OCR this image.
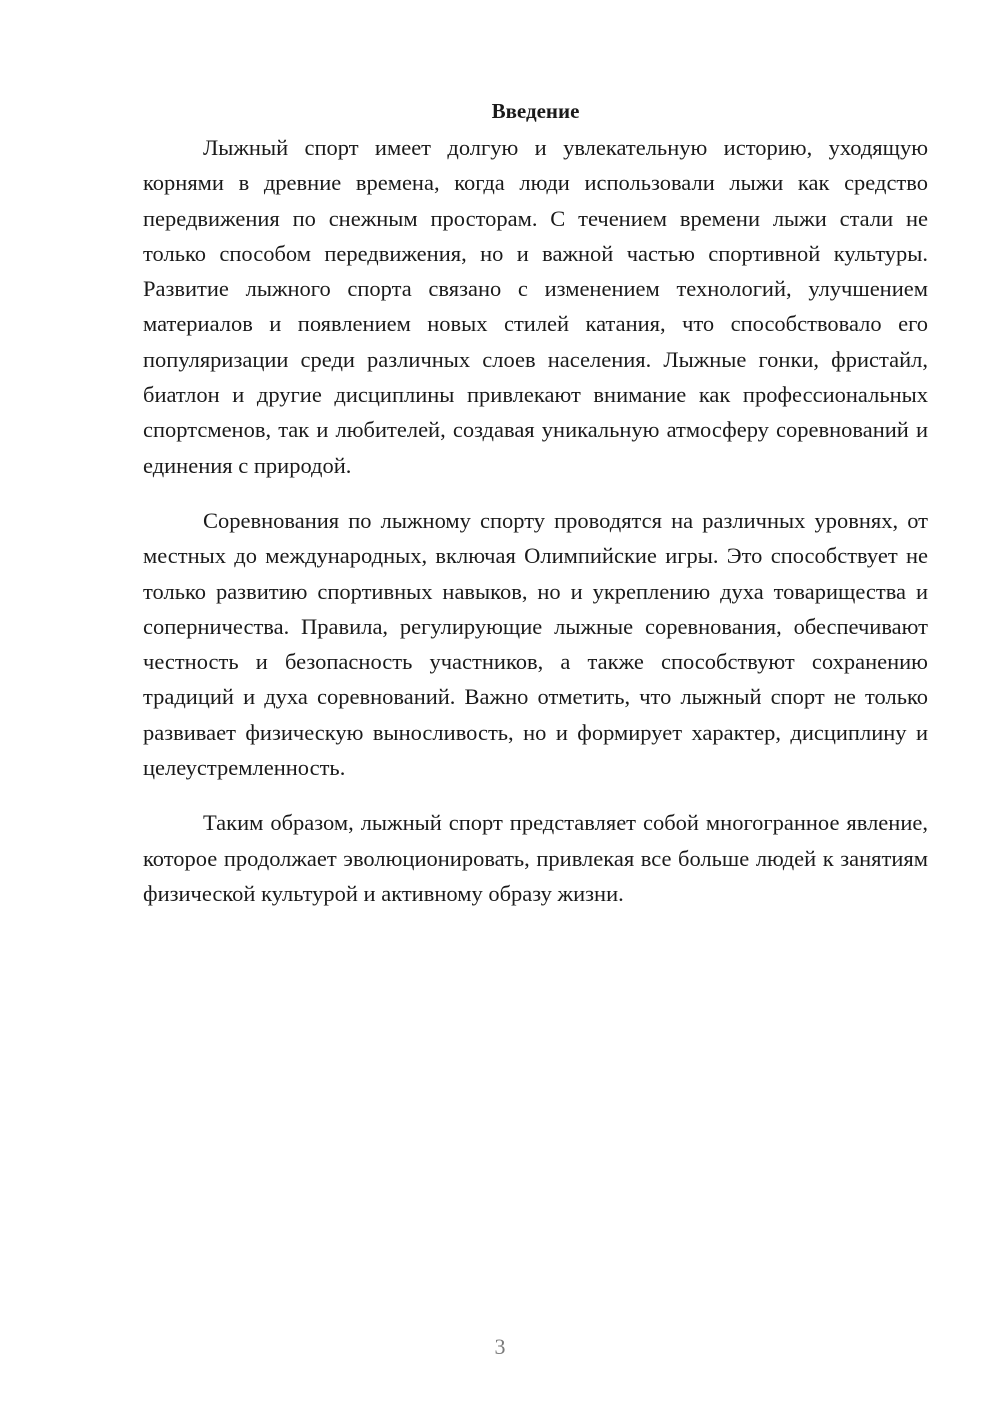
Введение

Лыжный спорт имеет долгую и увлекательную историю, уходящую корнями в древние времена, когда люди использовали лыжи как средство передвижения по снежным просторам. С течением времени лыжи стали не только способом передвижения, но и важной частью спортивной культуры. Развитие лыжного спорта связано с изменением технологий, улучшением материалов и появлением новых стилей катания, что способствовало его популяризации среди различных слоев населения. Лыжные гонки, фристайл, биатлон и другие дисциплины привлекают внимание как профессиональных спортсменов, так и любителей, создавая уникальную атмосферу соревнований и единения с природой.

Соревнования по лыжному спорту проводятся на различных уровнях, от местных до международных, включая Олимпийские игры. Это способствует не только развитию спортивных навыков, но и укреплению духа товарищества и соперничества. Правила, регулирующие лыжные соревнования, обеспечивают честность и безопасность участников, а также способствуют сохранению традиций и духа соревнований. Важно отметить, что лыжный спорт не только развивает физическую выносливость, но и формирует характер, дисциплину и целеустремленность.

Таким образом, лыжный спорт представляет собой многогранное явление, которое продолжает эволюционировать, привлекая все больше людей к занятиям физической культурой и активному образу жизни.

3
